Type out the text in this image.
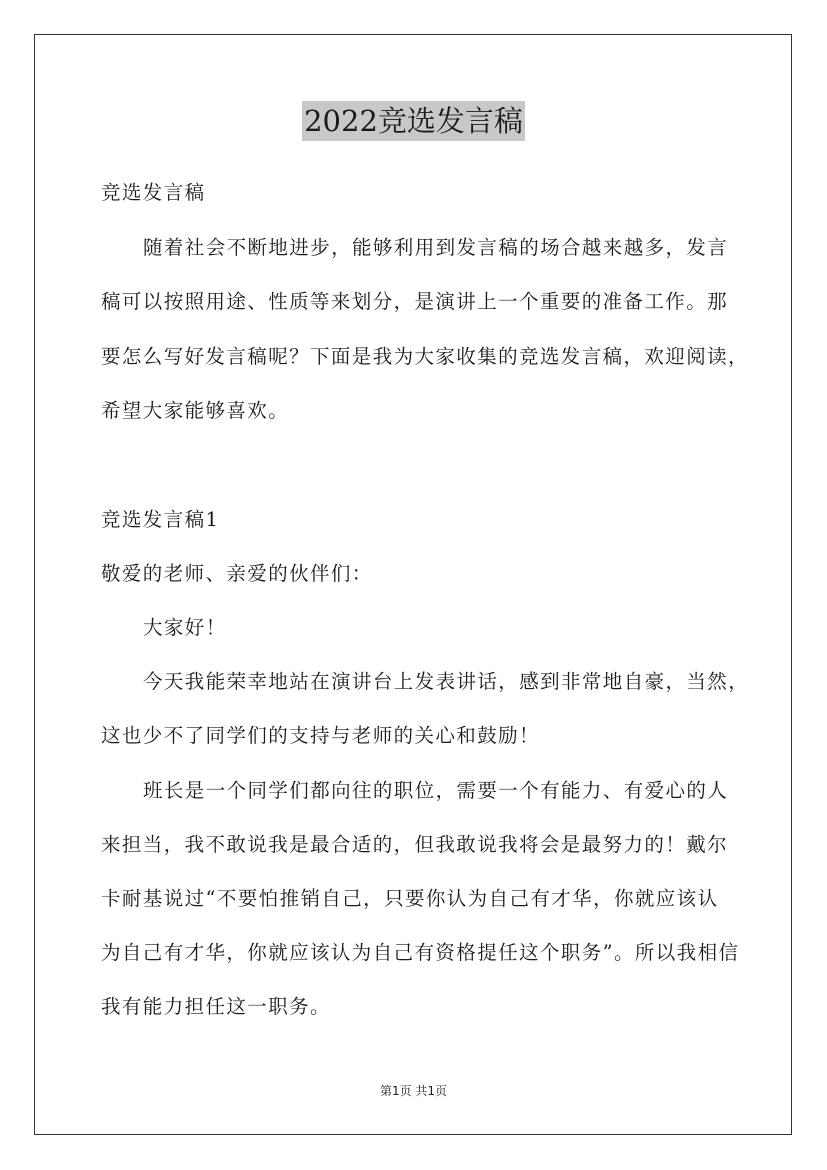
2022竞选发言稿
竞选发言稿
随着社会不断地进步，能够利用到发言稿的场合越来越多，发言
稿可以按照用途、性质等来划分，是演讲上一个重要的准备工作。那
要怎么写好发言稿呢？下面是我为大家收集的竞选发言稿，欢迎阅读，
希望大家能够喜欢。
竞选发言稿1
敬爱的老师、亲爱的伙伴们：
大家好！
今天我能荣幸地站在演讲台上发表讲话，感到非常地自豪，当然，
这也少不了同学们的支持与老师的关心和鼓励！
班长是一个同学们都向往的职位，需要一个有能力、有爱心的人
来担当，我不敢说我是最合适的，但我敢说我将会是最努力的！戴尔
卡耐基说过“不要怕推销自己，只要你认为自己有才华，你就应该认
为自己有才华，你就应该认为自己有资格提任这个职务”。所以我相信
我有能力担任这一职务。
第1页 共1页
